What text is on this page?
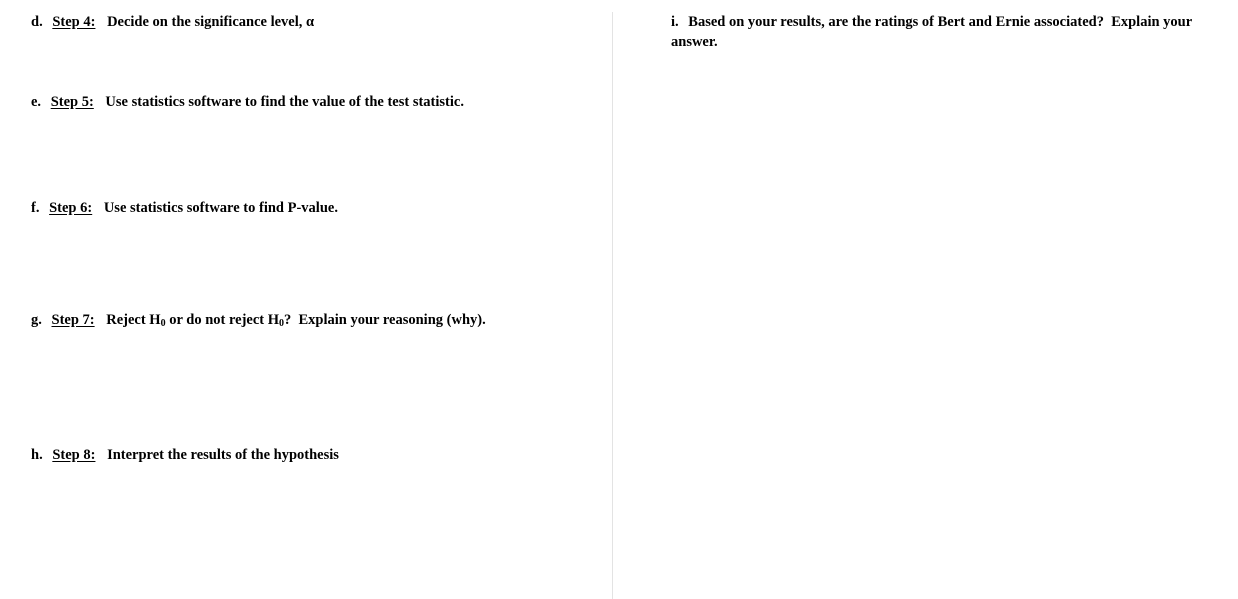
d. Step 4: Decide on the significance level, α
e. Step 5: Use statistics software to find the value of the test statistic.
f. Step 6: Use statistics software to find P-value.
g. Step 7: Reject $H_0$ or do not reject $H_0$?  Explain your reasoning (why).
h. Step 8: Interpret the results of the hypothesis
i. Based on your results, are the ratings of Bert and Ernie associated?  Explain your answer.
